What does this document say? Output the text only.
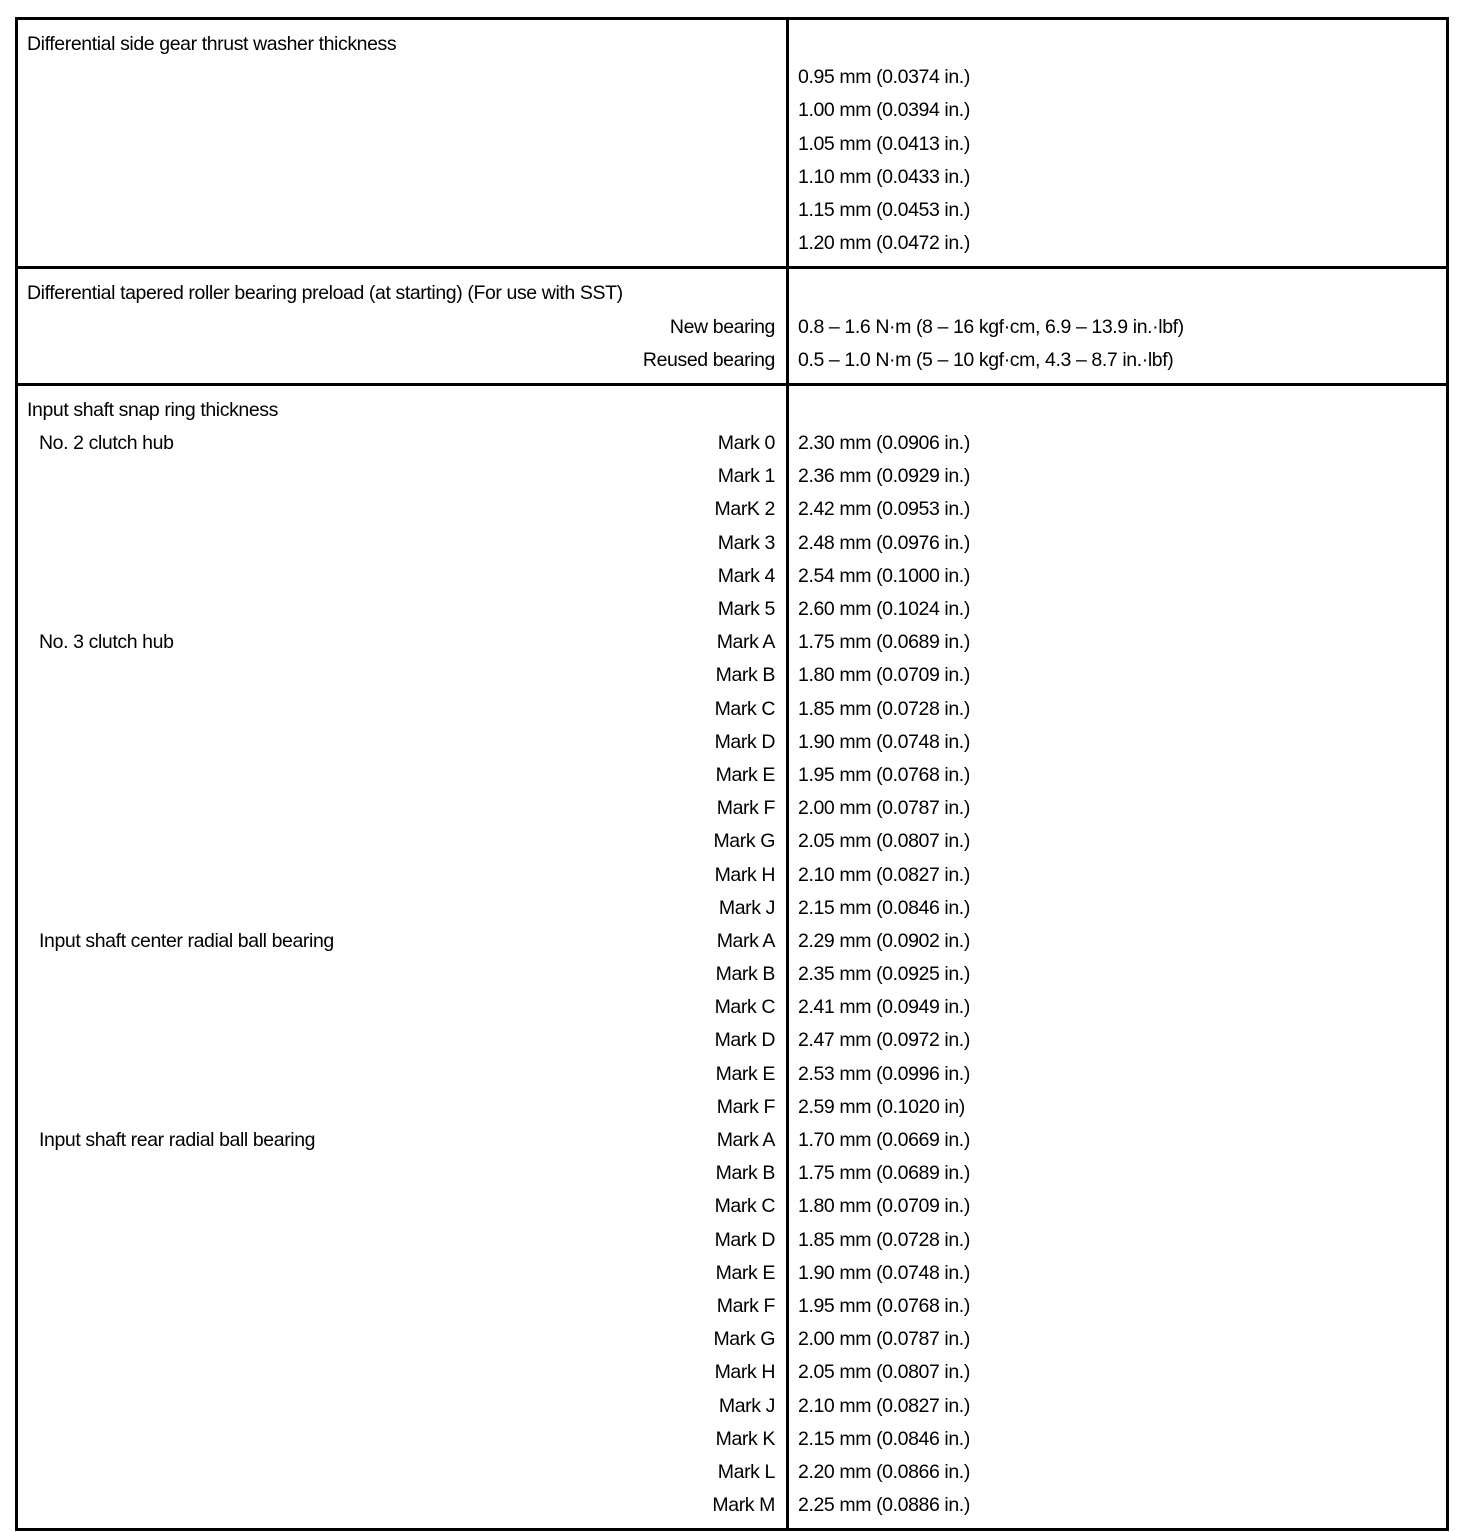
Differential side gear thrust washer thickness	

	0.95 mm (0.0374 in.)

	1.00 mm (0.0394 in.)

	1.05 mm (0.0413 in.)

	1.10 mm (0.0433 in.)

	1.15 mm (0.0453 in.)

	1.20 mm (0.0472 in.)

Differential tapered roller bearing preload (at starting) (For use with SST)	

New bearing	0.8 – 1.6 N·m (8 – 16 kgf·cm, 6.9 – 13.9 in.·lbf)

Reused bearing	0.5 – 1.0 N·m (5 – 10 kgf·cm, 4.3 – 8.7 in.·lbf)

Input shaft snap ring thickness	

No. 2 clutch hub Mark 0	2.30 mm (0.0906 in.)

Mark 1	2.36 mm (0.0929 in.)

MarK 2	2.42 mm (0.0953 in.)

Mark 3	2.48 mm (0.0976 in.)

Mark 4	2.54 mm (0.1000 in.)

Mark 5	2.60 mm (0.1024 in.)

No. 3 clutch hub Mark A	1.75 mm (0.0689 in.)

Mark B	1.80 mm (0.0709 in.)

Mark C	1.85 mm (0.0728 in.)

Mark D	1.90 mm (0.0748 in.)

Mark E	1.95 mm (0.0768 in.)

Mark F	2.00 mm (0.0787 in.)

Mark G	2.05 mm (0.0807 in.)

Mark H	2.10 mm (0.0827 in.)

Mark J	2.15 mm (0.0846 in.)

Input shaft center radial ball bearing Mark A	2.29 mm (0.0902 in.)

Mark B	2.35 mm (0.0925 in.)

Mark C	2.41 mm (0.0949 in.)

Mark D	2.47 mm (0.0972 in.)

Mark E	2.53 mm (0.0996 in.)

Mark F	2.59 mm (0.1020 in)

Input shaft rear radial ball bearing Mark A	1.70 mm (0.0669 in.)

Mark B	1.75 mm (0.0689 in.)

Mark C	1.80 mm (0.0709 in.)

Mark D	1.85 mm (0.0728 in.)

Mark E	1.90 mm (0.0748 in.)

Mark F	1.95 mm (0.0768 in.)

Mark G	2.00 mm (0.0787 in.)

Mark H	2.05 mm (0.0807 in.)

Mark J	2.10 mm (0.0827 in.)

Mark K	2.15 mm (0.0846 in.)

Mark L	2.20 mm (0.0866 in.)

Mark M	2.25 mm (0.0886 in.)
